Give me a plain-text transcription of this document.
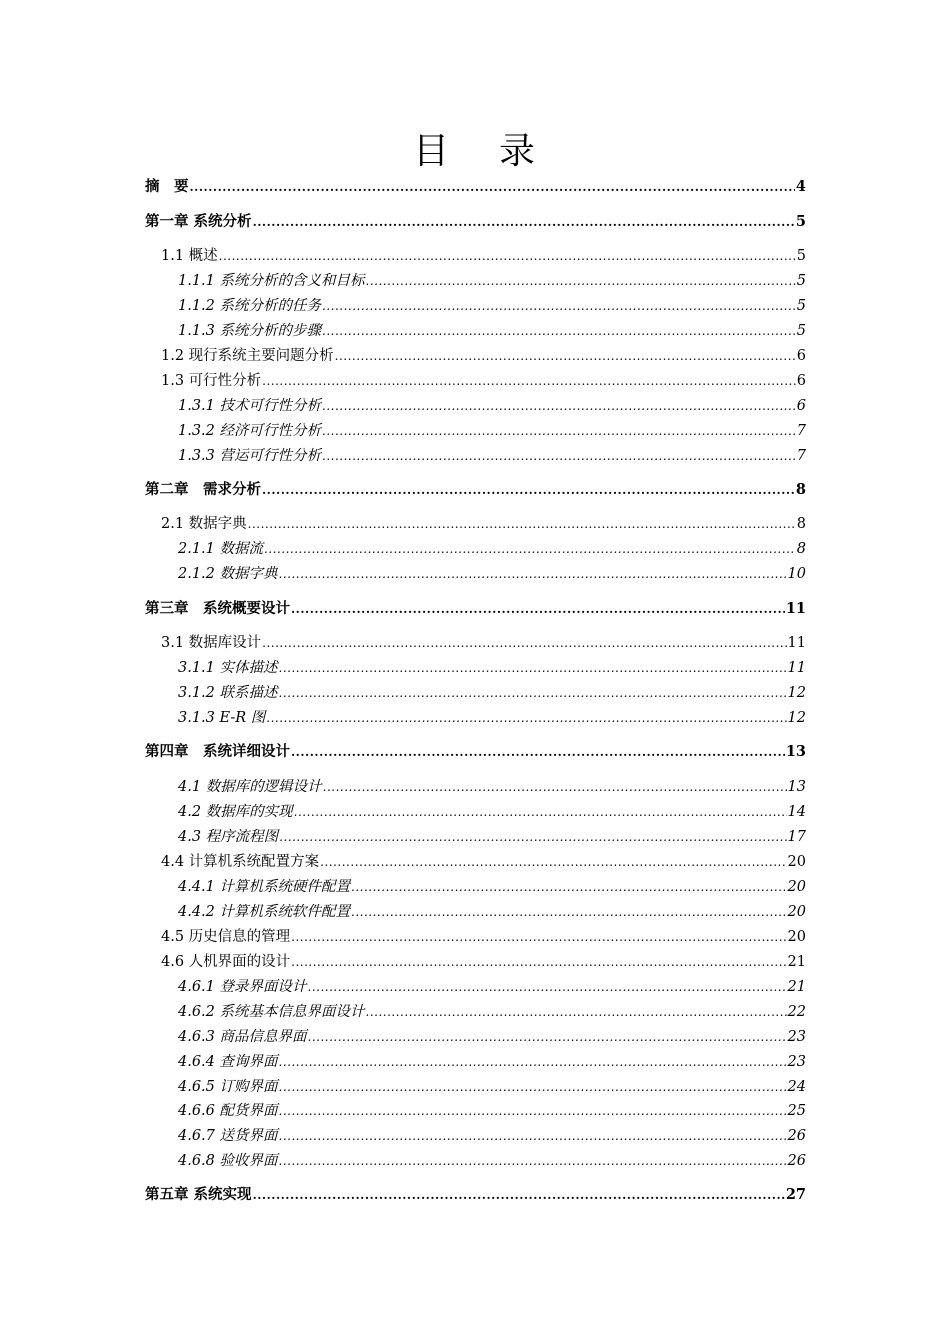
目 录
摘　要 .....	4
第一章 系统分析 .....	5
1.1 概述 .....	5
1.1.1 系统分析的含义和目标 .....	5
1.1.2 系统分析的任务 .....	5
1.1.3 系统分析的步骤 .....	5
1.2 现行系统主要问题分析 .....	6
1.3 可行性分析 .....	6
1.3.1 技术可行性分析 .....	6
1.3.2 经济可行性分析 .....	7
1.3.3 营运可行性分析 .....	7
第二章　需求分析 .....	8
2.1 数据字典 .....	8
2.1.1 数据流 .....	8
2.1.2 数据字典 .....	10
第三章　系统概要设计 .....	11
3.1 数据库设计 .....	11
3.1.1 实体描述 .....	11
3.1.2 联系描述 .....	12
3.1.3 E-R 图 .....	12
第四章　系统详细设计 .....	13
4.1 数据库的逻辑设计 .....	13
4.2 数据库的实现 .....	14
4.3 程序流程图 .....	17
4.4 计算机系统配置方案 .....	20
4.4.1 计算机系统硬件配置 .....	20
4.4.2 计算机系统软件配置 .....	20
4.5 历史信息的管理 .....	20
4.6 人机界面的设计 .....	21
4.6.1 登录界面设计 .....	21
4.6.2 系统基本信息界面设计 .....	22
4.6.3 商品信息界面 .....	23
4.6.4 查询界面 .....	23
4.6.5 订购界面 .....	24
4.6.6 配货界面 .....	25
4.6.7 送货界面 .....	26
4.6.8 验收界面 .....	26
第五章 系统实现 .....	27
